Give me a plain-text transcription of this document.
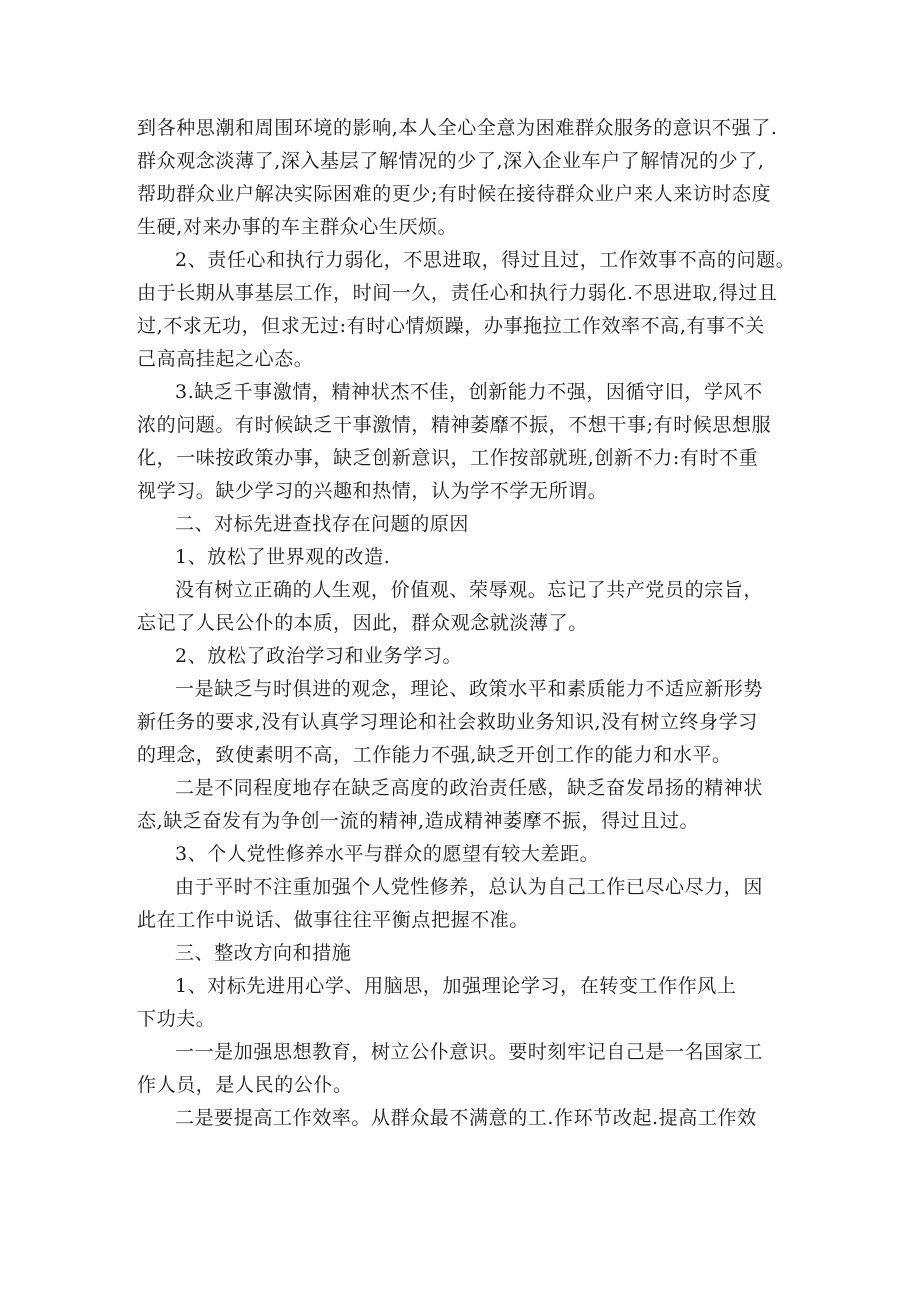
到各种思潮和周围环境的影响,本人全心全意为困难群众服务的意识不强了.
群众观念淡薄了,深入基层了解情况的少了,深入企业车户了解情况的少了,
帮助群众业户解决实际困难的更少;有时候在接待群众业户来人来访时态度
生硬,对来办事的车主群众心生厌烦。
2、责任心和执行力弱化，不思进取，得过且过，工作效事不高的问题。
由于长期从事基层工作，时间一久，责任心和执行力弱化.不思进取,得过且
过,不求无功，但求无过:有时心情烦躁，办事拖拉工作效率不高,有事不关
己高高挂起之心态。
3.缺乏千事激情，精神状杰不佳，创新能力不强，因循守旧，学风不
浓的问题。有时候缺乏干事激情，精神萎靡不振，不想干事;有时候思想服
化，一味按政策办事，缺乏创新意识，工作按部就班,创新不力:有时不重
视学习。缺少学习的兴趣和热情，认为学不学无所谓。
二、对标先进查找存在问题的原因
1、放松了世界观的改造.
没有树立正确的人生观，价值观、荣辱观。忘记了共产党员的宗旨，
忘记了人民公仆的本质，因此，群众观念就淡薄了。
2、放松了政治学习和业务学习。
一是缺乏与时俱进的观念，理论、政策水平和素质能力不适应新形势
新任务的要求,没有认真学习理论和社会救助业务知识,没有树立终身学习
的理念，致使素明不高，工作能力不强,缺乏开创工作的能力和水平。
二是不同程度地存在缺乏高度的政治责任感，缺乏奋发昂扬的精神状
态,缺乏奋发有为争创一流的精神,造成精神萎摩不振，得过且过。
3、个人党性修养水平与群众的愿望有较大差距。
由于平时不注重加强个人党性修养，总认为自己工作已尽心尽力，因
此在工作中说话、做事往往平衡点把握不准。
三、整改方向和措施
1、对标先进用心学、用脑思，加强理论学习，在转变工作作风上
下功夫。
一一是加强思想教育，树立公仆意识。要时刻牢记自己是一名国家工
作人员，是人民的公仆。
二是要提高工作效率。从群众最不满意的工.作环节改起.提高工作效
